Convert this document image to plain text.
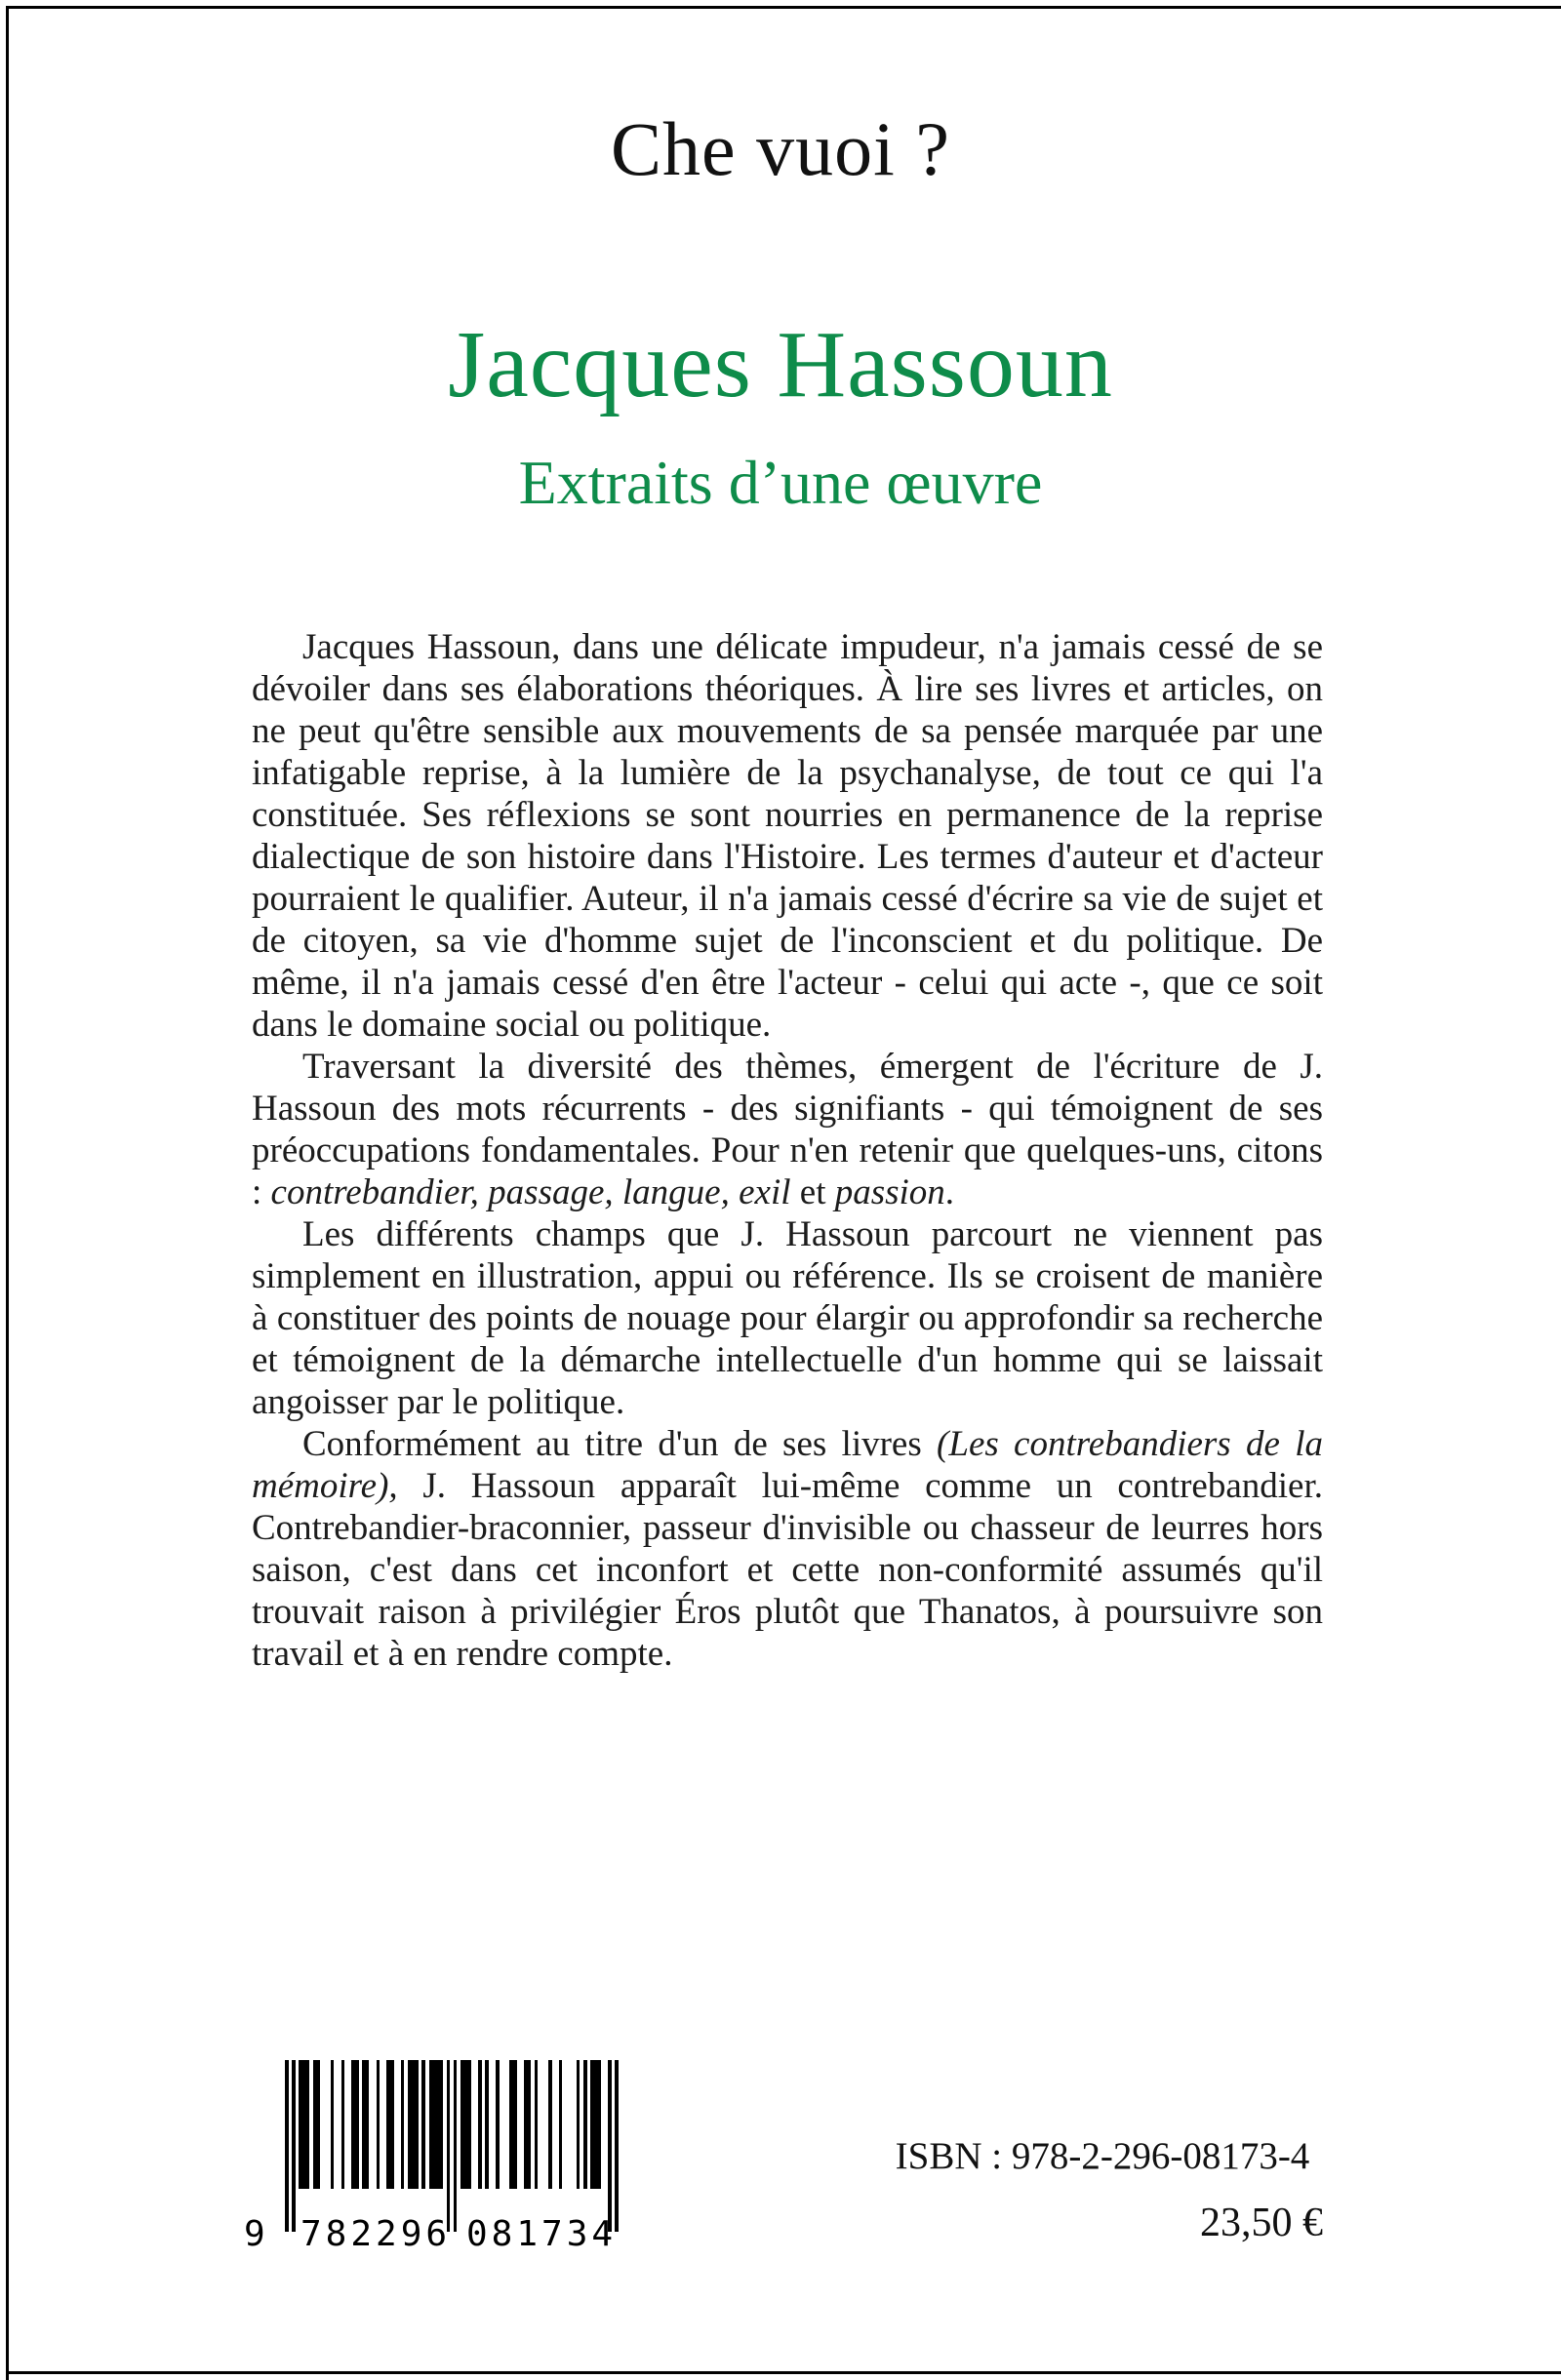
Che vuoi ?
Jacques Hassoun
Extraits d’une œuvre

Jacques Hassoun, dans une délicate impudeur, n'a jamais cessé de se dévoiler dans ses élaborations théoriques. À lire ses livres et articles, on ne peut qu'être sensible aux mouvements de sa pensée marquée par une infatigable reprise, à la lumière de la psychanalyse, de tout ce qui l'a constituée. Ses réflexions se sont nourries en permanence de la reprise dialectique de son histoire dans l'Histoire. Les termes d'auteur et d'acteur pourraient le qualifier. Auteur, il n'a jamais cessé d'écrire sa vie de sujet et de citoyen, sa vie d'homme sujet de l'inconscient et du politique. De même, il n'a jamais cessé d'en être l'acteur - celui qui acte -, que ce soit dans le domaine social ou politique.

Traversant la diversité des thèmes, émergent de l'écriture de J. Hassoun des mots récurrents - des signifiants - qui témoignent de ses préoccupations fondamentales. Pour n'en retenir que quelques-uns, citons : contrebandier, passage, langue, exil et passion.

Les différents champs que J. Hassoun parcourt ne viennent pas simplement en illustration, appui ou référence. Ils se croisent de manière à constituer des points de nouage pour élargir ou approfondir sa recherche et témoignent de la démarche intellectuelle d'un homme qui se laissait angoisser par le politique.

Conformément au titre d'un de ses livres (Les contrebandiers de la mémoire), J. Hassoun apparaît lui-même comme un contrebandier. Contrebandier-braconnier, passeur d'invisible ou chasseur de leurres hors saison, c'est dans cet inconfort et cette non-conformité assumés qu'il trouvait raison à privilégier Éros plutôt que Thanatos, à poursuivre son travail et à en rendre compte.

9 782296 081734
ISBN : 978-2-296-08173-4
23,50 €
